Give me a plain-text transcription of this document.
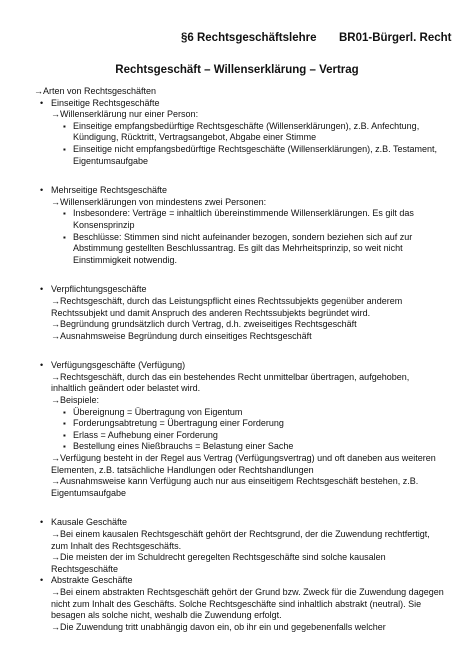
§6 Rechtsgeschäftslehre BR01-Bürgerl. Recht
Rechtsgeschäft – Willenserklärung – Vertrag

→Arten von Rechtsgeschäften

• Einseitige Rechtsgeschäfte

→Willenserklärung nur einer Person:

▪ Einseitige empfangsbedürftige Rechtsgeschäfte (Willenserklärungen), z.B. Anfechtung, Kündigung, Rücktritt, Vertragsangebot, Abgabe einer Stimme
▪ Einseitige nicht empfangsbedürftige Rechtsgeschäfte (Willenserklärungen), z.B. Testament, Eigentumsaufgabe
• Mehrseitige Rechtsgeschäfte

→Willenserklärungen von mindestens zwei Personen:

▪ Insbesondere: Verträge = inhaltlich übereinstimmende Willenserklärungen. Es gilt das Konsensprinzip
▪ Beschlüsse: Stimmen sind nicht aufeinander bezogen, sondern beziehen sich auf zur Abstimmung gestellten Beschlussantrag. Es gilt das Mehrheitsprinzip, so weit nicht Einstimmigkeit notwendig.
• Verpflichtungsgeschäfte

→Rechtsgeschäft, durch das Leistungspflicht eines Rechtssubjekts gegenüber anderem Rechtssubjekt und damit Anspruch des anderen Rechtssubjekts begründet wird.

→Begründung grundsätzlich durch Vertrag, d.h. zweiseitiges Rechtsgeschäft

→Ausnahmsweise Begründung durch einseitiges Rechtsgeschäft

• Verfügungsgeschäfte (Verfügung)

→Rechtsgeschäft, durch das ein bestehendes Recht unmittelbar übertragen, aufgehoben, inhaltlich geändert oder belastet wird.

→Beispiele:

▪ Übereignung = Übertragung von Eigentum
▪ Forderungsabtretung = Übertragung einer Forderung
▪ Erlass = Aufhebung einer Forderung
▪ Bestellung eines Nießbrauchs = Belastung einer Sache

→Verfügung besteht in der Regel aus Vertrag (Verfügungsvertrag) und oft daneben aus weiteren Elementen, z.B. tatsächliche Handlungen oder Rechtshandlungen

→Ausnahmsweise kann Verfügung auch nur aus einseitigem Rechtsgeschäft bestehen, z.B. Eigentumsaufgabe

• Kausale Geschäfte

→Bei einem kausalen Rechtsgeschäft gehört der Rechtsgrund, der die Zuwendung rechtfertigt, zum Inhalt des Rechtsgeschäfts.

→Die meisten der im Schuldrecht geregelten Rechtsgeschäfte sind solche kausalen Rechtsgeschäfte

• Abstrakte Geschäfte

→Bei einem abstrakten Rechtsgeschäft gehört der Grund bzw. Zweck für die Zuwendung dagegen nicht zum Inhalt des Geschäfts. Solche Rechtsgeschäfte sind inhaltlich abstrakt (neutral). Sie besagen als solche nicht, weshalb die Zuwendung erfolgt.

→Die Zuwendung tritt unabhängig davon ein, ob ihr ein und gegebenenfalls welcher
